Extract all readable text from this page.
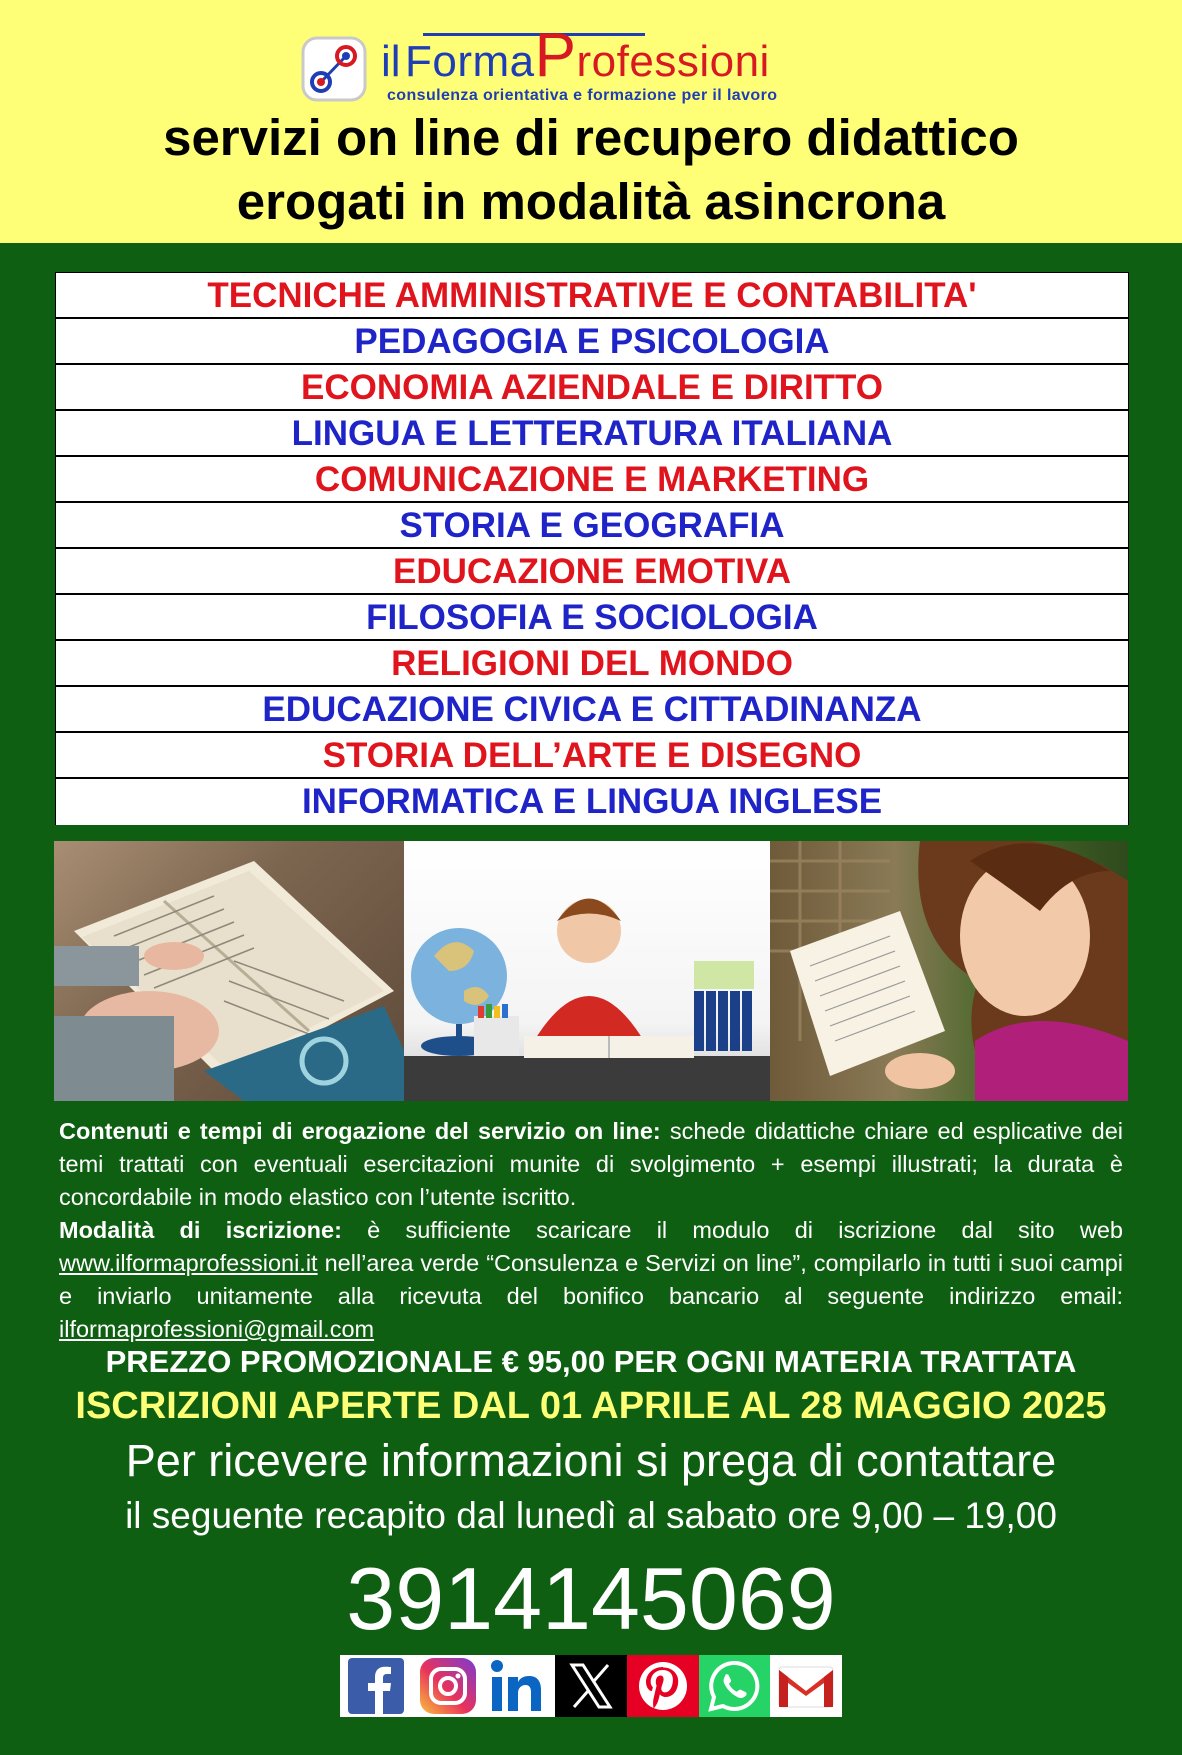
il FormaProfessioni
consulenza orientativa e formazione per il lavoro
servizi on line di recupero didattico
erogati in modalità asincrona
TECNICHE AMMINISTRATIVE E CONTABILITA'
PEDAGOGIA E PSICOLOGIA
ECONOMIA AZIENDALE E DIRITTO
LINGUA E LETTERATURA ITALIANA
COMUNICAZIONE E MARKETING
STORIA E GEOGRAFIA
EDUCAZIONE EMOTIVA
FILOSOFIA E SOCIOLOGIA
RELIGIONI DEL MONDO
EDUCAZIONE CIVICA E CITTADINANZA
STORIA DELL’ARTE E DISEGNO
INFORMATICA E LINGUA INGLESE

Contenuti e tempi di erogazione del servizio on line: schede didattiche chiare ed esplicative dei temi trattati con eventuali esercitazioni munite di svolgimento + esempi illustrati; la durata è concordabile in modo elastico con l’utente iscritto.

Modalità di iscrizione: è sufficiente scaricare il modulo di iscrizione dal sito web www.ilformaprofessioni.it nell’area verde “Consulenza e Servizi on line”, compilarlo in tutti i suoi campi e inviarlo unitamente alla ricevuta del bonifico bancario al seguente indirizzo email: ilformaprofessioni@gmail.com

PREZZO PROMOZIONALE € 95,00 PER OGNI MATERIA TRATTATA
ISCRIZIONI APERTE DAL 01 APRILE AL 28 MAGGIO 2025
Per ricevere informazioni si prega di contattare
il seguente recapito dal lunedì al sabato ore 9,00 – 19,00
3914145069
